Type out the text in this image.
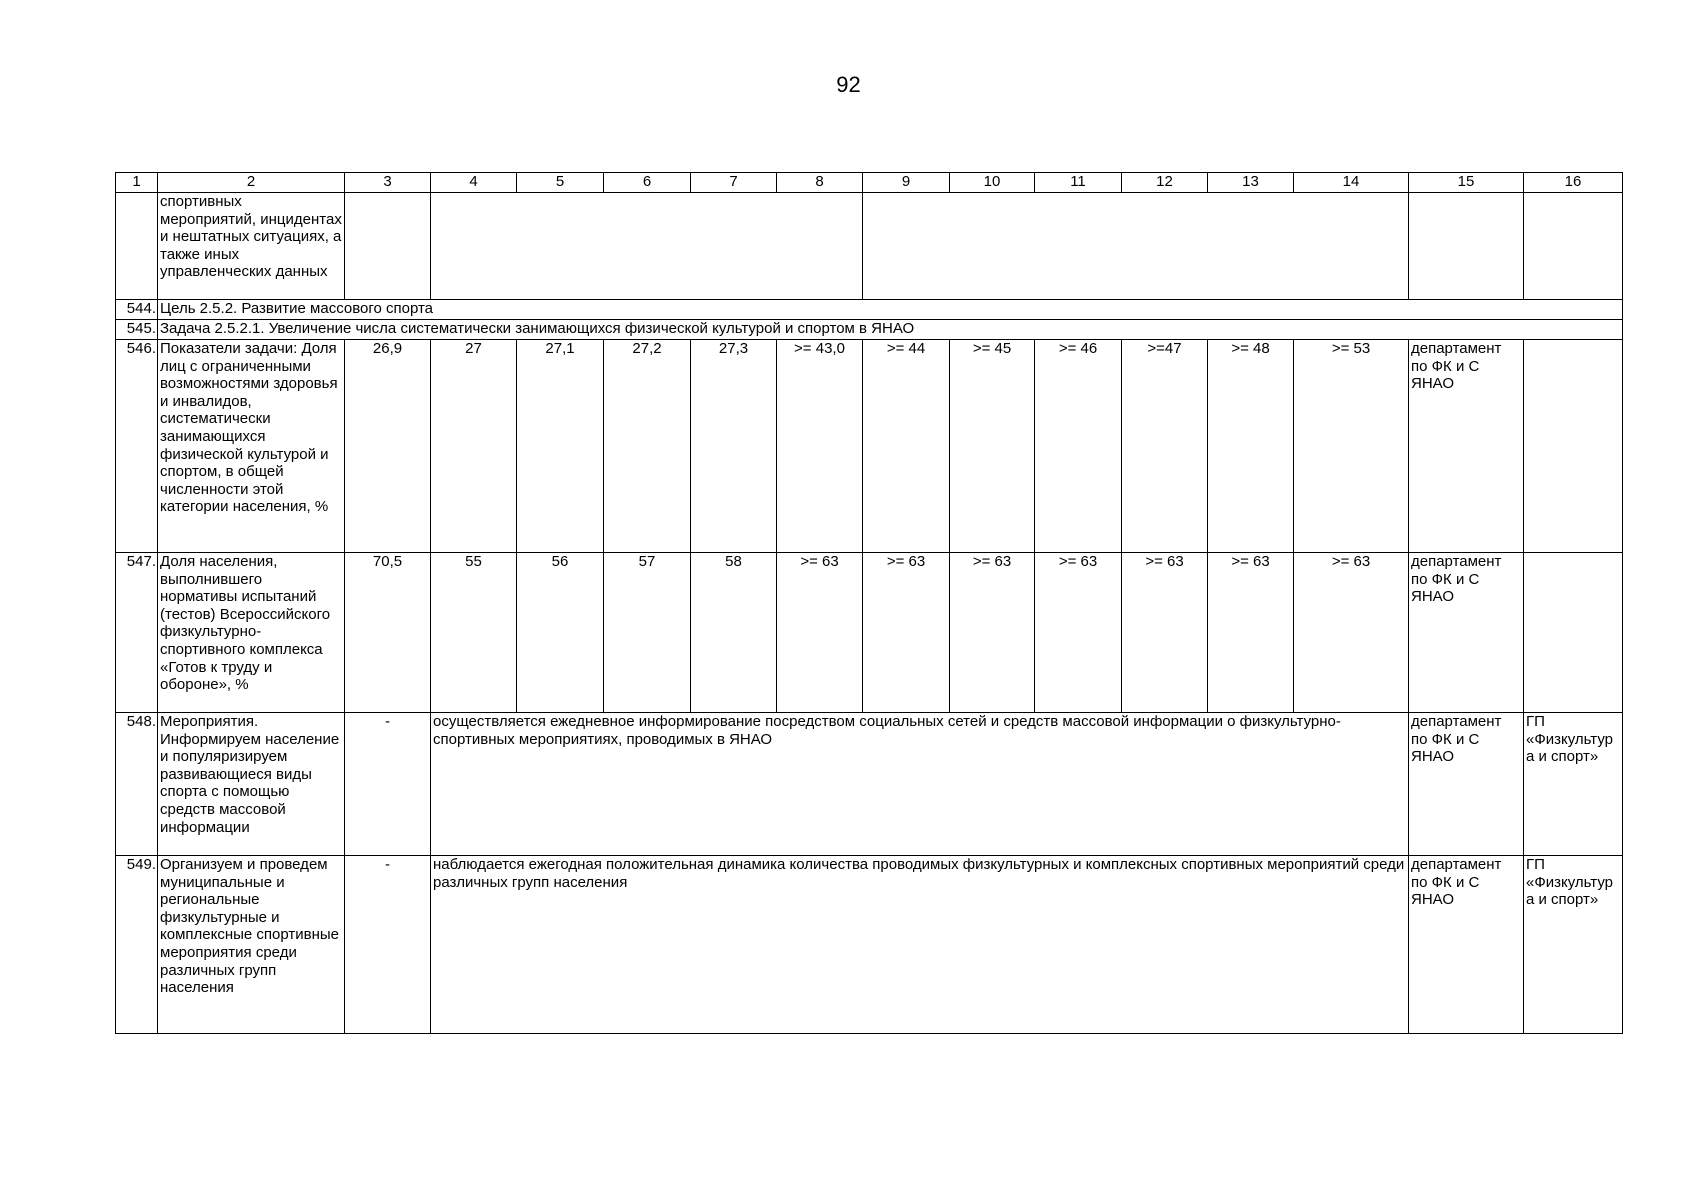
92
1	2	3	4	5	6	7	8	9	10	11	12	13	14	15	16
	спортивных мероприятий, инцидентах и нештатных ситуациях, а также иных управленческих данных														
544.	Цель 2.5.2. Развитие массового спорта														
545.	Задача 2.5.2.1. Увеличение числа систематически занимающихся физической культурой и спортом в ЯНАО														
546.	Показатели задачи: Доля лиц с ограниченными возможностями здоровья и инвалидов, систематически занимающихся физической культурой и спортом, в общей численности этой категории населения, %	26,9	27	27,1	27,2	27,3	>= 43,0	>= 44	>= 45	>= 46	>=47	>= 48	>= 53	департамент по ФК и С ЯНАО	
547.	Доля населения, выполнившего нормативы испытаний (тестов) Всероссийского физкультурно- спортивного комплекса «Готов к труду и обороне», %	70,5	55	56	57	58	>= 63	>= 63	>= 63	>= 63	>= 63	>= 63	>= 63	департамент по ФК и С ЯНАО	
548.	Мероприятия. Информируем население и популяризируем развивающиеся виды спорта с помощью средств массовой информации	-	осуществляется ежедневное информирование посредством социальных сетей и средств массовой информации о физкультурно-спортивных мероприятиях, проводимых в ЯНАО											департамент по ФК и С ЯНАО	ГП «Физкультур а и спорт»
549.	Организуем и проведем муниципальные и региональные физкультурные и комплексные спортивные мероприятия среди различных групп населения	-	наблюдается ежегодная положительная динамика количества проводимых физкультурных и комплексных спортивных мероприятий среди различных групп населения											департамент по ФК и С ЯНАО	ГП «Физкультур а и спорт»
